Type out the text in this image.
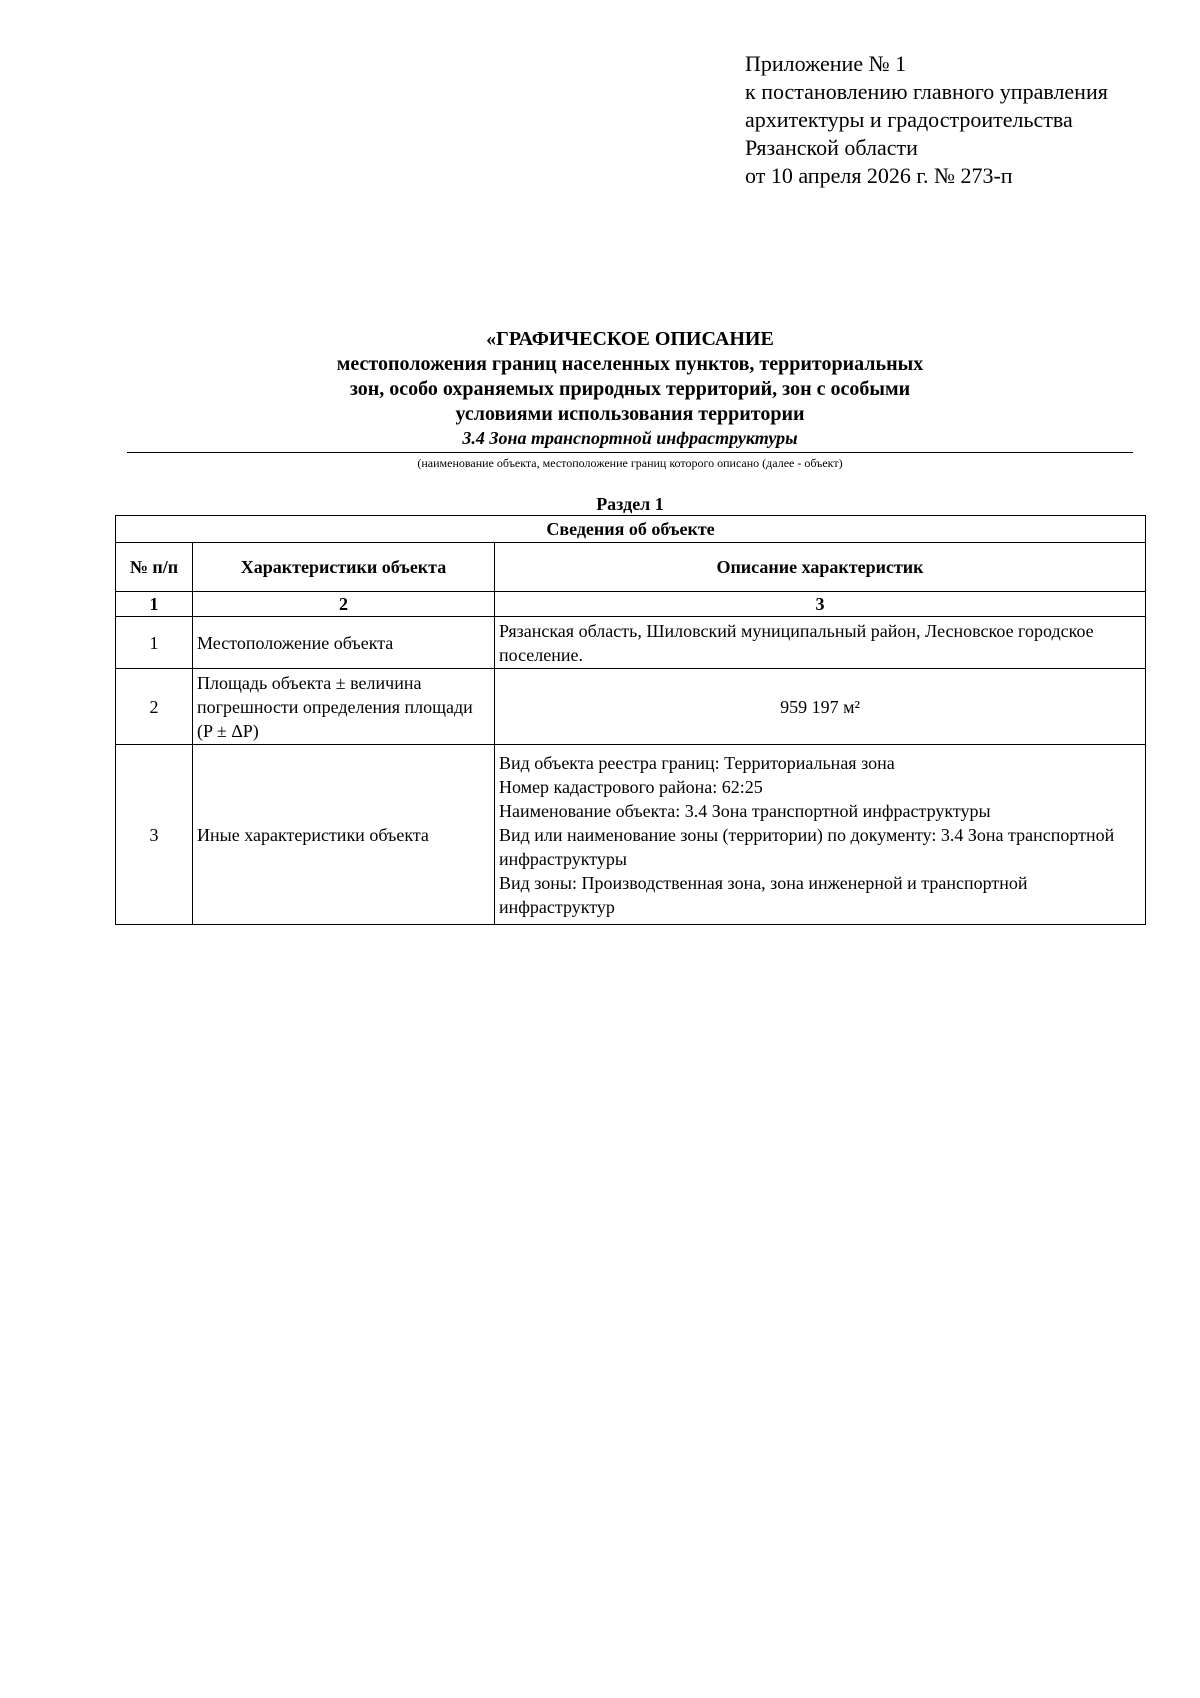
Приложение № 1
к постановлению главного управления
архитектуры и градостроительства
Рязанской области
от 10 апреля 2026 г. № 273-п
«ГРАФИЧЕСКОЕ ОПИСАНИЕ
местоположения границ населенных пунктов, территориальных
зон, особо охраняемых природных территорий, зон с особыми
условиями использования территории
3.4 Зона транспортной инфраструктуры
(наименование объекта, местоположение границ которого описано (далее - объект)
Раздел 1
Сведения об объекте		
№ п/п	Характеристики объекта	Описание характеристик
1	2	3
1	Местоположение объекта	Рязанская область, Шиловский муниципальный район, Лесновское городское поселение.

2	Площадь объекта ± величина погрешности определения площади (P ± ΔP)	959 197 м²

3	Иные характеристики объекта	Вид объекта реестра границ: Территориальная зона
Номер кадастрового района: 62:25
Наименование объекта: 3.4 Зона транспортной инфраструктуры
Вид или наименование зоны (территории) по документу: 3.4 Зона транспортной инфраструктуры
Вид зоны: Производственная зона, зона инженерной и транспортной инфраструктур
